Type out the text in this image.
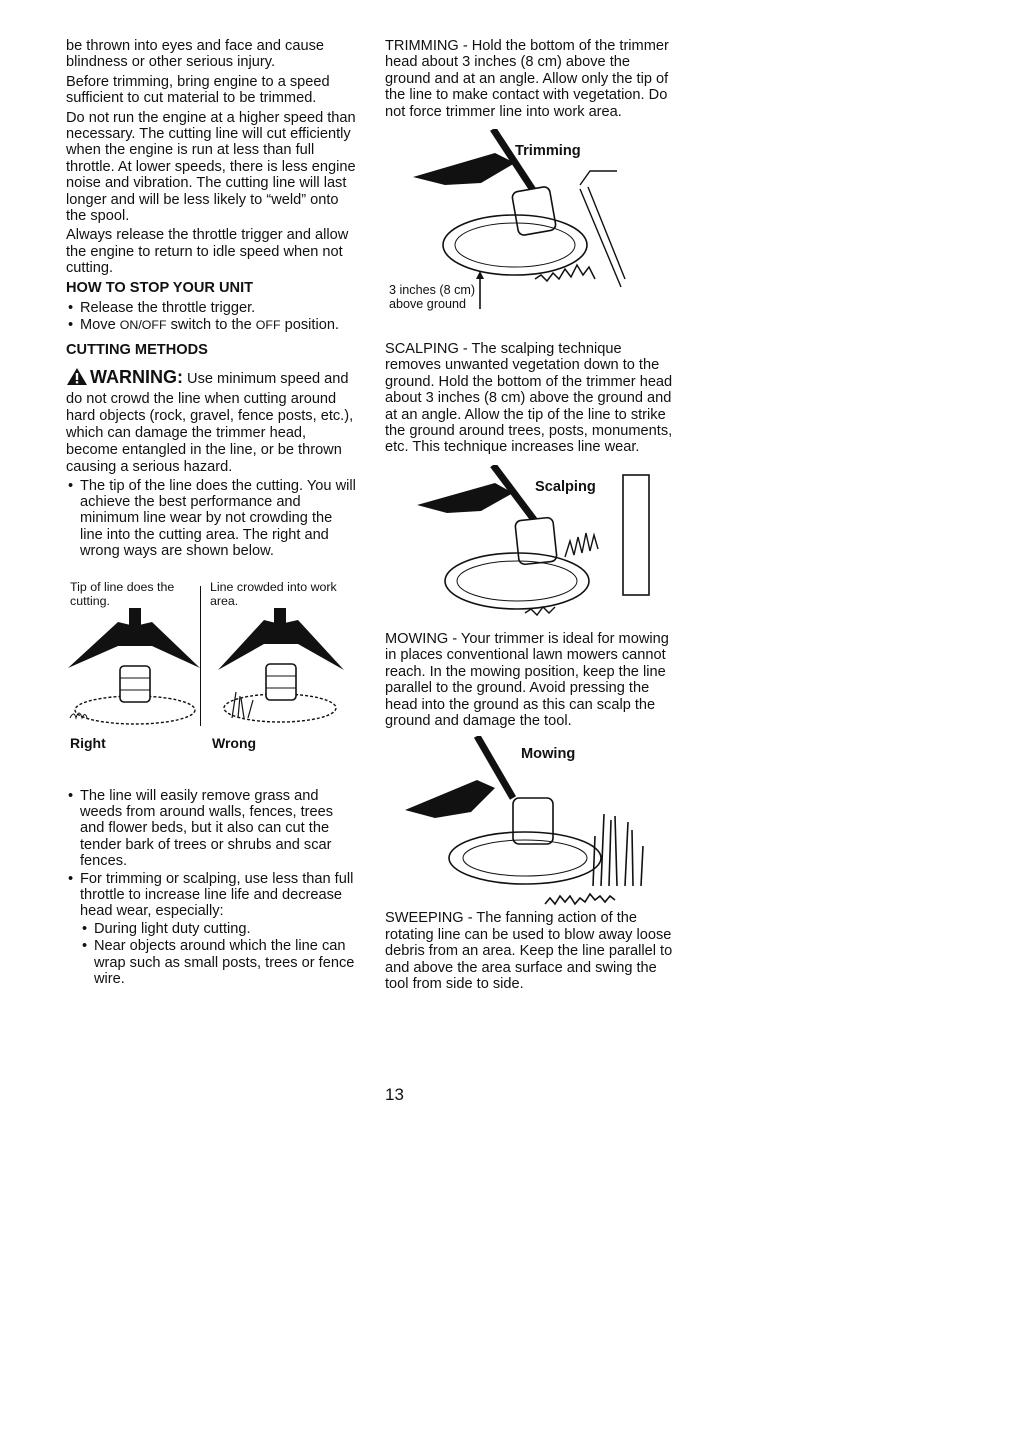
be thrown into eyes and face and cause blindness or other serious injury.

Before trimming, bring engine to a speed sufficient to cut material to be trimmed.

Do not run the engine at a higher speed than necessary. The cutting line will cut efficiently when the engine is run at less than full throttle. At lower speeds, there is less engine noise and vibration. The cutting line will last longer and will be less likely to “weld” onto the spool.

Always release the throttle trigger and allow the engine to return to idle speed when not cutting.

HOW TO STOP YOUR UNIT
• Release the throttle trigger.
• Move ON/OFF switch to the OFF position.
CUTTING METHODS
WARNING: Use minimum speed and do not crowd the line when cutting around hard objects (rock, gravel, fence posts, etc.), which can damage the trimmer head, become entangled in the line, or be thrown causing a serious hazard.
• The tip of the line does the cutting. You will achieve the best performance and minimum line wear by not crowding the line into the cutting area. The right and wrong ways are shown below.
Tip of line does the cutting.
Line crowded into work area.
Right	Wrong
• The line will easily remove grass and weeds from around walls, fences, trees and flower beds, but it also can cut the tender bark of trees or shrubs and scar fences.
• For trimming or scalping, use less than full throttle to increase line life and decrease head wear, especially:
• During light duty cutting.
• Near objects around which the line can wrap such as small posts, trees or fence wire.

TRIMMING - Hold the bottom of the trimmer head about 3 inches (8 cm) above the ground and at an angle. Allow only the tip of the line to make contact with vegetation. Do not force trimmer line into work area.

Trimming
3 inches (8 cm)
above ground

SCALPING - The scalping technique removes unwanted vegetation down to the ground. Hold the bottom of the trimmer head about 3 inches (8 cm) above the ground and at an angle. Allow the tip of the line to strike the ground around trees, posts, monuments, etc. This technique increases line wear.

Scalping

MOWING - Your trimmer is ideal for mowing in places conventional lawn mowers cannot reach. In the mowing position, keep the line parallel to the ground. Avoid pressing the head into the ground as this can scalp the ground and damage the tool.

Mowing

SWEEPING - The fanning action of the rotating line can be used to blow away loose debris from an area. Keep the line parallel to and above the area surface and swing the tool from side to side.

13
